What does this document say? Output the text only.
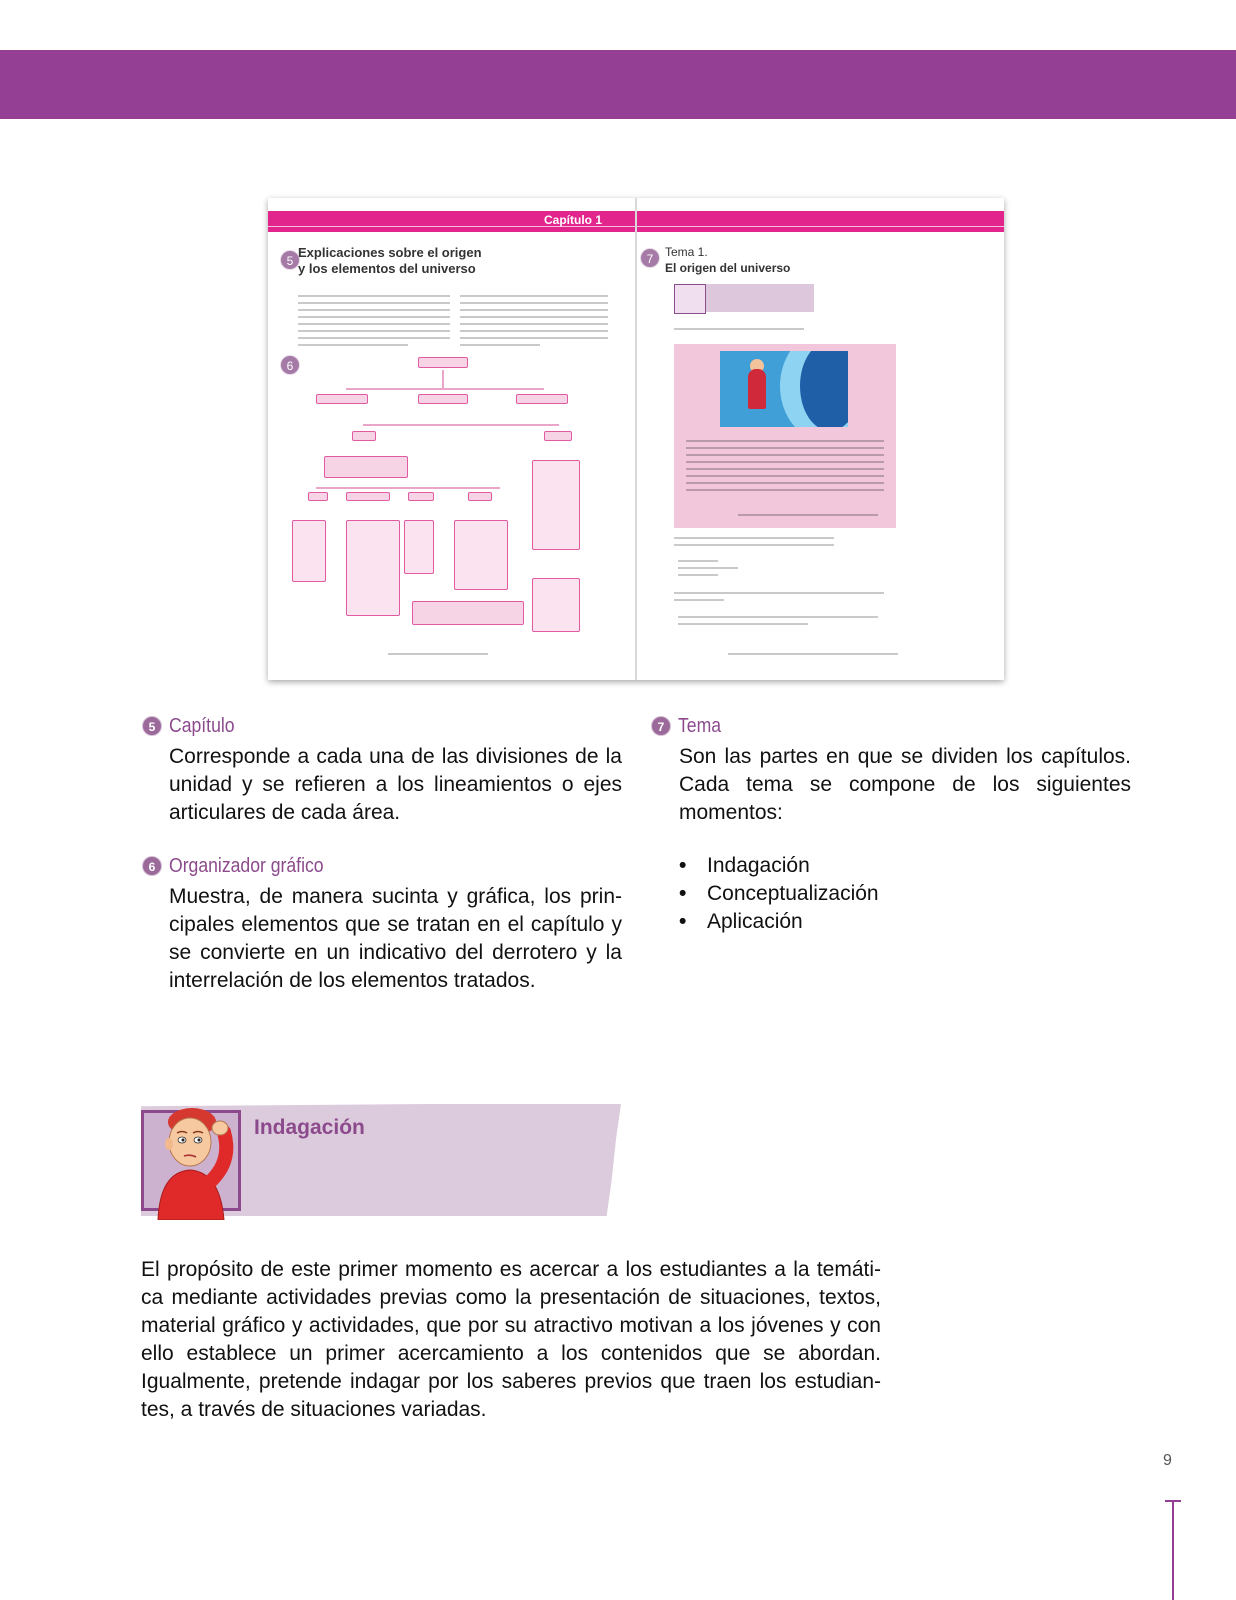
Capítulo 1
5
Explicaciones sobre el origen
y los elementos del universo
6
7 Tema 1.
El origen del universo
5 Capítulo
Corresponde a cada una de las divisiones de la unidad y se refieren a los lineamientos o ejes articulares de cada área.
6 Organizador gráfico
Muestra, de manera sucinta y gráfica, los prin-cipales elementos que se tratan en el capítulo y se convierte en un indicativo del derrotero y la interrelación de los elementos tratados.
7 Tema
Son las partes en que se dividen los capítulos. Cada tema se compone de los siguientes momentos:
• Indagación
• Conceptualización
• Aplicación
Indagación
El propósito de este primer momento es acercar a los estudiantes a la temáti-ca mediante actividades previas como la presentación de situaciones, textos, material gráfico y actividades, que por su atractivo motivan a los jóvenes y con ello establece un primer acercamiento a los contenidos que se abordan. Igualmente, pretende indagar por los saberes previos que traen los estudian-tes, a través de situaciones variadas.
9
